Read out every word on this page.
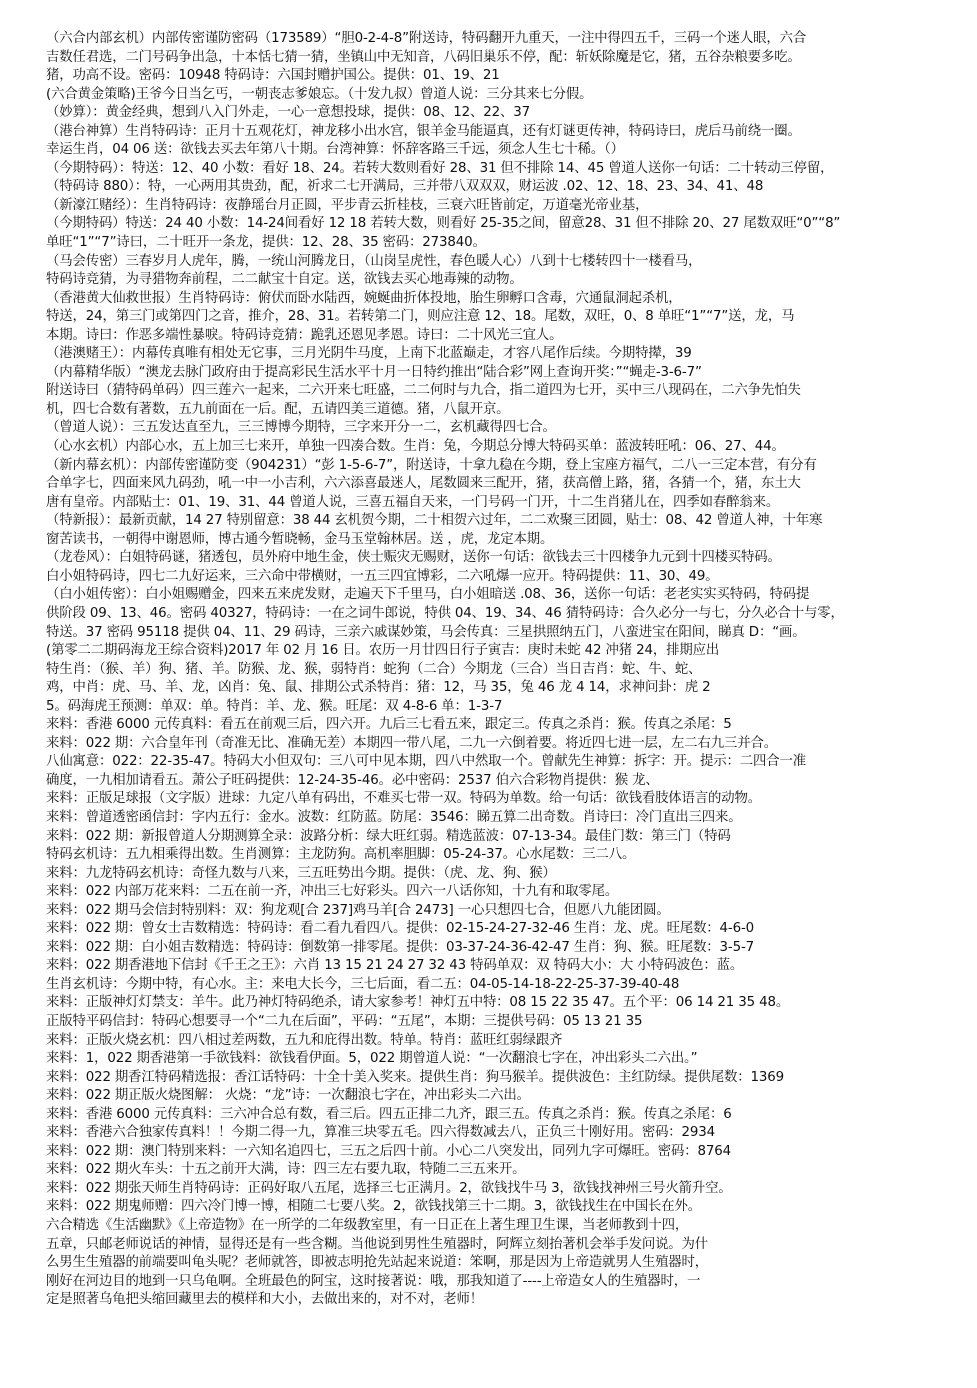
（六合内部玄机）内部传密谨防密码（173589）“胆0-2-4-8”附送诗，特码翻开九重天，一注中得四五千，三码一个迷人眼，六合
吉数任君选，二门号码争出急，十本恬七猜一猜，坐镇山中无知音，八码旧巢乐不停，配：斩妖除魔是它，猪，五谷杂粮要多吃。
猪，功高不设。密码：10948 特码诗：六国封赠护国公。提供：01、19、21
(六合黄金策略)王爷今日当乞丐，一朝丧志爹娘忘。（十发九叔）曾道人说：三分其来七分假。
（妙算）：黄金经典，想到八入门外走，一心一意想投球，提供：08、12、22、37
（港台神算）生肖特码诗：正月十五观花灯，神龙移小出水宫，银羊金马能逼真，还有灯谜更传神，特码诗曰，虎后马前绕一圈。
幸运生肖，04 06 送：欲钱去买去年第八十期。台湾神算：怀辞客路三千远，须念人生七十稀。（）
（今期特码）：特送：12、40 小数：看好 18、24。若转大数则看好 28、31 但不排除 14、45 曾道人送你一句话：二十转动三停留，
（特码诗 880）：特，一心两用其贵劲，配，祈求二七开满局，三并带八双双双，财运波 .02、12、18、23、34、41、48
（新濠江赌经）：生肖特码诗：夜静瑶台月正圆，平步青云折桂枝，三衰六旺皆前定，万道毫光帝业基，
（今期特码）特送：24 40 小数：14-24间看好 12 18 若转大数，则看好 25-35之间，留意28、31 但不排除 20、27 尾数双旺“0”“8”
单旺“1”“7”诗曰，二十旺开一条龙，提供：12、28、35 密码：273840。
（马会传密）三春岁月人虎年，腾，一统山河腾龙日，（山岗呈虎性，春色暖人心）八到十七楼转四十一楼看马，
特码诗竞猜，为寻猎物奔前程，二二献宝十自定。送，欲钱去买心地毒辣的动物。
（香港黄大仙救世报）生肖特码诗：俯伏而卧水陆西，婉蜒曲折体投地，胎生卵孵口含毒，穴通鼠洞起杀机，
特送，24，第三门或第四门之音，推介，28、31。若转第二门，则应注意 12、18。尾数，双旺，0、8 单旺“1”“7”送，龙，马
本期。诗曰：作恶多端性暴唳。特码诗竞猜：跪乳还恩见孝恩。诗曰：二十风光三宜人。
（港澳赌王）：内幕传真唯有相处无它事，三月光阴牛马度，上南下北蓝巅走，才容八尾作后续。今期特撵，39
（内幕精华版）“澳龙去脉门政府由于提高彩民生活水平十月一日特约推出“陆合彩”网上查询开奖：”“蝇走-3-6-7”
附送诗曰（猜特码单码）四三莲六一起来，二六开来七旺盛，二二何时与九合，指二道四为七开，买中三八现码在，二六争先怕失
机，四七合数有著数，五九前面在一后。配，五请四美三道德。猪，八鼠开京。
（曾道人说）：三五发达直至九，三三博博今期特，三字来开分一二，玄机藏得四七合。
（心水玄机）内部心水，五上加三七来开，单独一四凑合数。生肖：兔，今期总分博大特码买单：蓝波转旺吼：06、27、44。
（新内幕玄机）：内部传密谨防变（904231）“彭 1-5-6-7”，附送诗，十拿九稳在今期，登上宝座方福气，二八一三定本营，有分有
合单字七，四面来风九码劲，吼一中一小吉利，六六添喜最迷人，尾数圆来三配开，猪，获高僧上路，猪，各猜一个，猪，东土大
唐有皇帝。内部贴士：01、19、31、44 曾道人说，三喜五福自天来，一门号码一门开，十二生肖猪儿在，四季如春醉翁来。
（特新报）：最新贡献，14 27 特别留意：38 44 玄机贺今期，二十相贺六过年，二二欢聚三团圆，贴士：08、42 曾道人神，十年寒
窗苦读书，一朝得中谢恩师，博古通今暂晓畅，金马玉堂翰林居。送 ，虎，龙定本期。
（龙卷风）：白姐特码谜，猪透包，员外府中地生金，侠士赈灾无赐财，送你一句话：欲钱去三十四楼争九元到十四楼买特码。
白小姐特码诗，四七二九好运来，三六命中带横财，一五三四宜博彩，二六吼爆一应开。特码提供：11、30、49。
（白小姐传密）：白小姐赐赠金，四来五来虎发财，走遍天下千里马，白小姐暗送 .08、36，送你一句话：老老实实买特码，特码提
供阶段 09、13、46。密码 40327，特码诗：一在之词牛郎说，特供 04、19、34、46 猜特码诗：合久必分一与七，分久必合十与零，
特送。37 密码 95118 提供 04、11、29 码诗，三亲六戚谋妙策，马会传真：三星拱照纳五门，八蛮进宝在阳间，睇真 D：“画。
(第零二二期码海龙王综合资料)2017 年 02 月 16 日。农历一月廿四日行子寅吉：庚时未蛇 42 冲猪 24，排期应出
特生肖：（猴、羊）狗、猪、羊。防猴、龙、猴，弱特肖：蛇狗（二合）今期龙（三合）当日吉肖：蛇、牛、蛇、
鸡，中肖：虎、马、羊、龙，凶肖：兔、鼠、排期公式杀特肖：猪：12，马 35，兔 46 龙 4 14，求神问卦：虎 2
5。码海虎王预测：单双：单。特肖：羊、龙、猴。旺尾：双 4-8-6 单：1-3-7
来料：香港 6000 元传真料：看五在前观三后，四六开。九后三七看五来，跟定三。传真之杀肖：猴。传真之杀尾：5
来料：022 期：六合皇年刊（奇准无比、准确无差）本期四一带八尾，二九一六倒着要。将近四七进一层，左二右九三并合。
八仙寓意：022：22-35-47。特码大小但双句：三八可中见本期，四八中然取一个。曾献先生神算：拆字：开。提示：二四合一准
确度，一九相加请看五。萧公子旺码提供：12-24-35-46。必中密码：2537 伯六合彩物肖提供：猴 龙、
来料：正版足球报（文字版）进球：九定八单有码出，不难买七带一双。特码为单数。给一句话：欲钱看肢体语言的动物。
来料：曾道透密函信封：字内五行：金水。波数：红防蓝。防尾：3546：睇五算二出奇数。肖诗曰：冷门直出三四来。
来料：022 期：新报曾道人分期测算全录：波路分析：绿大旺红弱。精选蓝波：07-13-34。最佳门数：第三门（特码
特码玄机诗：五九相乘得出数。生肖测算：主龙防狗。高机率胆脚：05-24-37。心水尾数：三二八。
来料：九龙特码玄机诗：奇怪九数与八来，三五旺势出今期。提供：（虎、龙、狗、猴）
来料：022 内部万花来料：二五在前一齐，冲出三七好彩头。四六一八话你知，十九有和取零尾。
来料：022 期马会信封特别料：双：狗龙观[合 237]鸡马羊[合 2473] 一心只想四七合，但愿八九能团圆。
来料：022 期：曾女士吉数精选：特码诗：看二看九看四八。提供：02-15-24-27-32-46 生肖：龙、虎。旺尾数：4-6-0
来料：022 期：白小姐吉数精选：特码诗：倒数第一排零尾。提供：03-37-24-36-42-47 生肖：狗、猴。旺尾数：3-5-7
来料：022 期香港地下信封《千王之王》：六肖 13 15 21 24 27 32 43 特码单双：双 特码大小：大 小特码波色：蓝。
生肖玄机诗：今期中特，有心水。主：来电大长今，三七后面，看二五：04-05-14-18-22-25-37-39-40-48
来料：正版神灯灯禁支：羊牛。此乃神灯特码绝杀，请大家参考！神灯五中特：08 15 22 35 47。五个平：06 14 21 35 48。
正版特平码信封：特码心想要寻一个“二九在后面”，平码：“五尾”，本期：三提供号码：05 13 21 35
来料：正版火烧玄机：四八相过差两数，五九和庇得出数。特单。特肖：蓝旺红弱绿跟齐
来料：1，022 期香港第一手欲钱料：欲钱看伊面。5，022 期曾道人说：“一次翻浪七字在，冲出彩头二六出。”
来料：022 期香江特码精选报：香江话特码：十全十美入奖来。提供生肖：狗马猴羊。提供波色：主红防绿。提供尾数：1369
来料：022 期正版火烧图解： 火烧：“龙”诗：一次翻浪七字在，冲出彩头二六出。
来料：香港 6000 元传真料：三六冲合总有数，看三后。四五正排二九齐，跟三五。传真之杀肖：猴。传真之杀尾：6
来料：香港六合独家传真料！！今期二得一九，算准三块零五毛。四六得数减去八，正负三十刚好用。密码：2934
来料：022 期：澳门特别来料：一六知名追四七，三五之后四十前。小心二八突发出，同列九字可爆旺。密码：8764
来料：022 期火车头：十五之前开大满，诗：四三左右要九取，特随二三五来开。
来料：022 期张天师生肖特码诗：正码好取八五尾，选择三七正满月。2，欲钱找牛马 3，欲钱找神州三号火箭升空。
来料：022 期鬼师赠：四六冷门博一博，相随二七要八奖。2，欲钱找第三十二期。3，欲钱找生在中国长在外。
六合精选《生活幽默》《上帝造物》在一所学的二年级教室里，有一日正在上著生理卫生课，当老师教到十四，
五章，只邮老师说话的神情，显得还是有一些含糊。当他说到男性生殖器时，阿辉立刻抬著机会举手发问说。为什
么男生生殖器的前端要叫龟头呢？老师就答，即被志明抢先站起来说道：笨啊，那是因为上帝造就男人生殖器时，
刚好在河边目的地到一只乌龟啊。全班最色的阿宝，这时接著说：哦，那我知道了----上帝造女人的生殖器时，一
定是照著乌龟把头缩回藏里去的模样和大小，去做出来的，对不对，老师！
